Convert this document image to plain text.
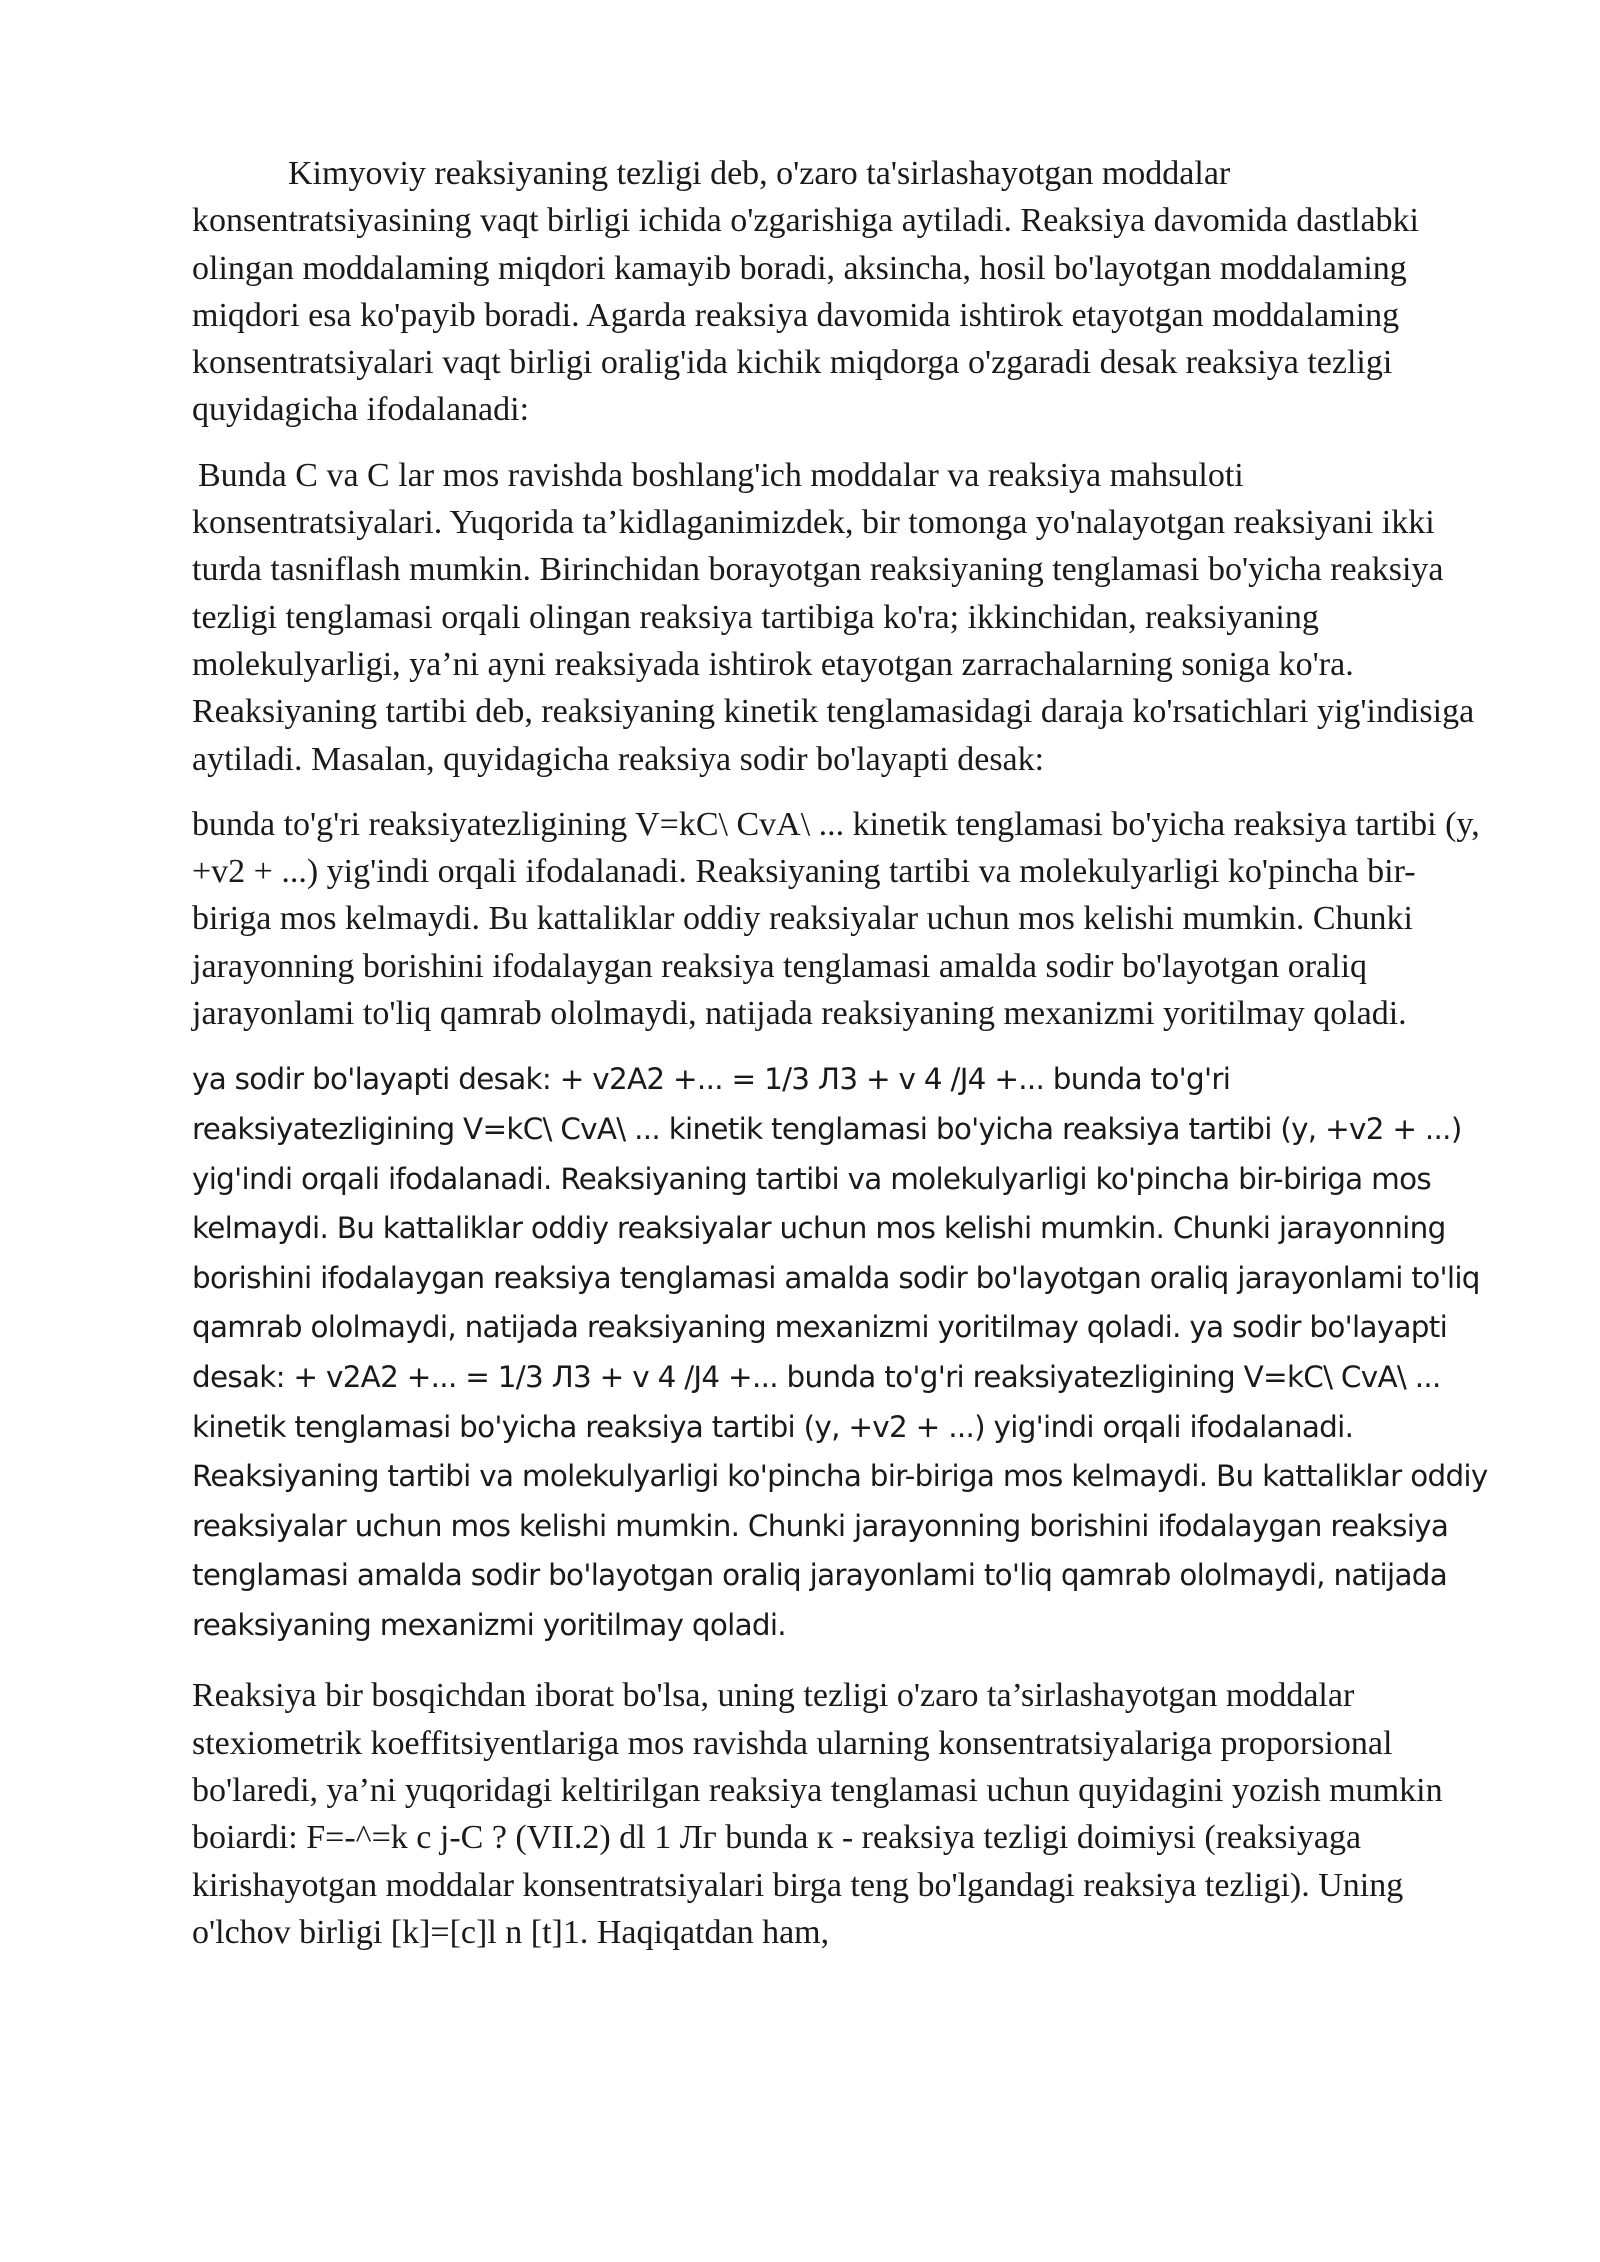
Kimyoviy reaksiyaning tezligi deb, o'zaro ta'sirlashayotgan moddalar konsentratsiyasining vaqt birligi ichida o'zgarishiga aytiladi. Reaksiya davomida dastlabki olingan moddalaming miqdori kamayib boradi, aksincha, hosil bo'layotgan moddalaming miqdori esa ko'payib boradi. Agarda reaksiya davomida ishtirok etayotgan moddalaming konsentratsiyalari vaqt birligi oralig'ida kichik miqdorga o'zgaradi desak reaksiya tezligi quyidagicha ifodalanadi:

Bunda C va C lar mos ravishda boshlang'ich moddalar va reaksiya mahsuloti konsentratsiyalari. Yuqorida ta’kidlaganimizdek, bir tomonga yo'nalayotgan reaksiyani ikki turda tasniflash mumkin. Birinchidan borayotgan reaksiyaning tenglamasi bo'yicha reaksiya tezligi tenglamasi orqali olingan reaksiya tartibiga ko'ra; ikkinchidan, reaksiyaning molekulyarligi, ya’ni ayni reaksiyada ishtirok etayotgan zarrachalarning soniga ko'ra. Reaksiyaning tartibi deb, reaksiyaning kinetik tenglamasidagi daraja ko'rsatichlari yig'indisiga aytiladi. Masalan, quyidagicha reaksiya sodir bo'layapti desak:

bunda to'g'ri reaksiyatezligining V=kC\ CvA\ ... kinetik tenglamasi bo'yicha reaksiya tartibi (y, +v2 + ...) yig'indi orqali ifodalanadi. Reaksiyaning tartibi va molekulyarligi ko'pincha bir-biriga mos kelmaydi. Bu kattaliklar oddiy reaksiyalar uchun mos kelishi mumkin. Chunki jarayonning borishini ifodalaygan reaksiya tenglamasi amalda sodir bo'layotgan oraliq jarayonlami to'liq qamrab ololmaydi, natijada reaksiyaning mexanizmi yoritilmay qoladi.

ya sodir bo'layapti desak: + v2A2 +... = 1/3 Л3 + v 4 /J4 +... bunda to'g'ri reaksiyatezligining V=kC\ CvA\ ... kinetik tenglamasi bo'yicha reaksiya tartibi (y, +v2 + ...) yig'indi orqali ifodalanadi. Reaksiyaning tartibi va molekulyarligi ko'pincha bir-biriga mos kelmaydi. Bu kattaliklar oddiy reaksiyalar uchun mos kelishi mumkin. Chunki jarayonning borishini ifodalaygan reaksiya tenglamasi amalda sodir bo'layotgan oraliq jarayonlami to'liq qamrab ololmaydi, natijada reaksiyaning mexanizmi yoritilmay qoladi. ya sodir bo'layapti desak: + v2A2 +... = 1/3 Л3 + v 4 /J4 +... bunda to'g'ri reaksiyatezligining V=kC\ CvA\ ... kinetik tenglamasi bo'yicha reaksiya tartibi (y, +v2 + ...) yig'indi orqali ifodalanadi. Reaksiyaning tartibi va molekulyarligi ko'pincha bir-biriga mos kelmaydi. Bu kattaliklar oddiy reaksiyalar uchun mos kelishi mumkin. Chunki jarayonning borishini ifodalaygan reaksiya tenglamasi amalda sodir bo'layotgan oraliq jarayonlami to'liq qamrab ololmaydi, natijada reaksiyaning mexanizmi yoritilmay qoladi.

Reaksiya bir bosqichdan iborat bo'lsa, uning tezligi o'zaro ta’sirlashayotgan moddalar stexiometrik koeffitsiyentlariga mos ravishda ularning konsentratsiyalariga proporsional bo'laredi, ya’ni yuqoridagi keltirilgan reaksiya tenglamasi uchun quyidagini yozish mumkin boiardi: F=-^=k c j-C ? (VII.2) dl 1 Лг bunda к - reaksiya tezligi doimiysi (reaksiyaga kirishayotgan moddalar konsentratsiyalari birga teng bo'lgandagi reaksiya tezligi). Uning o'lchov birligi [k]=[c]l n [t]1. Haqiqatdan ham,
